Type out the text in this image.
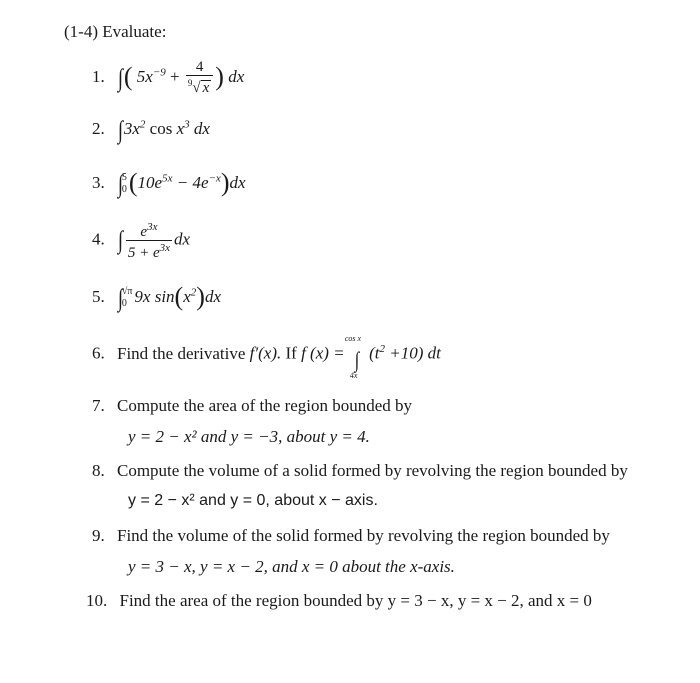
(1-4) Evaluate:
1. ∫( $5x^{-9} + \frac{4}{^9√ x}$ ) dx
2. $\int 3x^2$ $\cos x^3$ dx
3. ∫
5
0 $(10e^{5x} - 4e^{-x})dx$
4. ∫ $\frac{e^{3x}}{5 + e^{3x}}$ dx
5. ∫
√π
0 9x $\sin(x^2)dx$
6. Find the derivative f′(x). If f (x) =
cos x
∫
4x
$(t^2 +10)$ dt
7. Compute the area of the region bounded by
y = 2 − x² and y = −3, about y = 4.
8. Compute the volume of a solid formed by revolving the region bounded by
y = 2 − x² and y = 0, about x − axis.
9. Find the volume of the solid formed by revolving the region bounded by
y = 3 − x, y = x − 2, and x = 0 about the x-axis.
10. Find the area of the region bounded by y = 3 − x, y = x − 2, and x = 0
